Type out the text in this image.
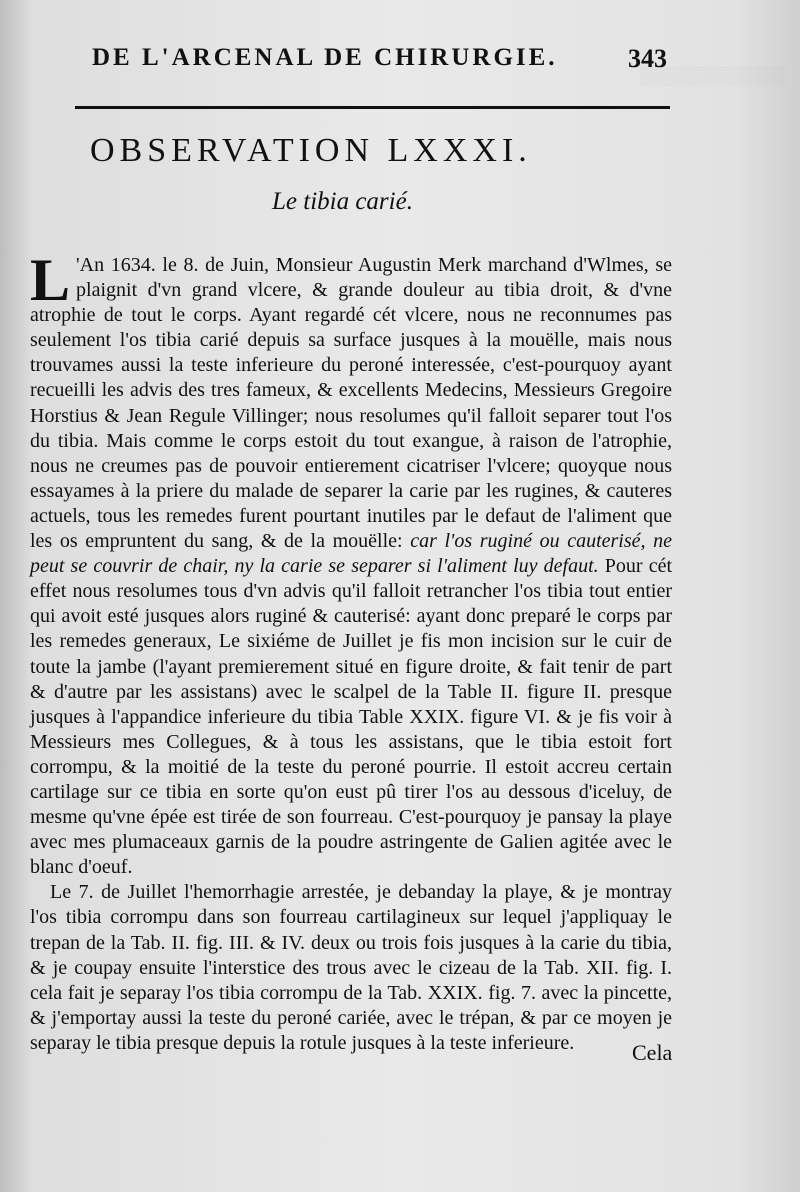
▒▒▒▒▒▒▒▒▒▒▒▒
DE L'ARCENAL DE CHIRURGIE.	343
OBSERVATION LXXXI.
Le tibia carié.

L 'An 1634. le 8. de Juin, Monsieur Augustin Merk marchand d'Wlmes, se plaignit d'vn grand vlcere, & grande douleur au tibia droit, & d'vne atrophie de tout le corps. Ayant regardé cét vlcere, nous ne reconnumes pas seulement l'os tibia carié depuis sa surface jusques à la mouëlle, mais nous trouvames aussi la teste inferieure du peroné interessée, c'est-pourquoy ayant recueilli les advis des tres fameux, & excellents Medecins, Messieurs Gregoire Horstius & Jean Regule Villinger; nous resolumes qu'il falloit separer tout l'os du tibia. Mais comme le corps estoit du tout exangue, à raison de l'atrophie, nous ne creumes pas de pouvoir entierement cicatriser l'vlcere; quoyque nous essayames à la priere du malade de separer la carie par les rugines, & cauteres actuels, tous les remedes furent pourtant inutiles par le defaut de l'aliment que les os empruntent du sang, & de la mouëlle: car l'os ruginé ou cauterisé, ne peut se couvrir de chair, ny la carie se separer si l'aliment luy defaut. Pour cét effet nous resolumes tous d'vn advis qu'il falloit retrancher l'os tibia tout entier qui avoit esté jusques alors ruginé & cauterisé: ayant donc preparé le corps par les remedes generaux, Le sixiéme de Juillet je fis mon incision sur le cuir de toute la jambe (l'ayant premierement situé en figure droite, & fait tenir de part & d'autre par les assistans) avec le scalpel de la Table II. figure II. presque jusques à l'appandice inferieure du tibia Table XXIX. figure VI. & je fis voir à Messieurs mes Collegues, & à tous les assistans, que le tibia estoit fort corrompu, & la moitié de la teste du peroné pourrie. Il estoit accreu certain cartilage sur ce tibia en sorte qu'on eust pû tirer l'os au dessous d'iceluy, de mesme qu'vne épée est tirée de son fourreau. C'est-pourquoy je pansay la playe avec mes plumaceaux garnis de la poudre astringente de Galien agitée avec le blanc d'oeuf.

Le 7. de Juillet l'hemorrhagie arrestée, je debanday la playe, & je montray l'os tibia corrompu dans son fourreau cartilagineux sur lequel j'appliquay le trepan de la Tab. II. fig. III. & IV. deux ou trois fois jusques à la carie du tibia, & je coupay ensuite l'interstice des trous avec le cizeau de la Tab. XII. fig. I. cela fait je separay l'os tibia corrompu de la Tab. XXIX. fig. 7. avec la pincette, & j'emportay aussi la teste du peroné cariée, avec le trépan, & par ce moyen je separay le tibia presque depuis la rotule jusques à la teste inferieure.	Cela
